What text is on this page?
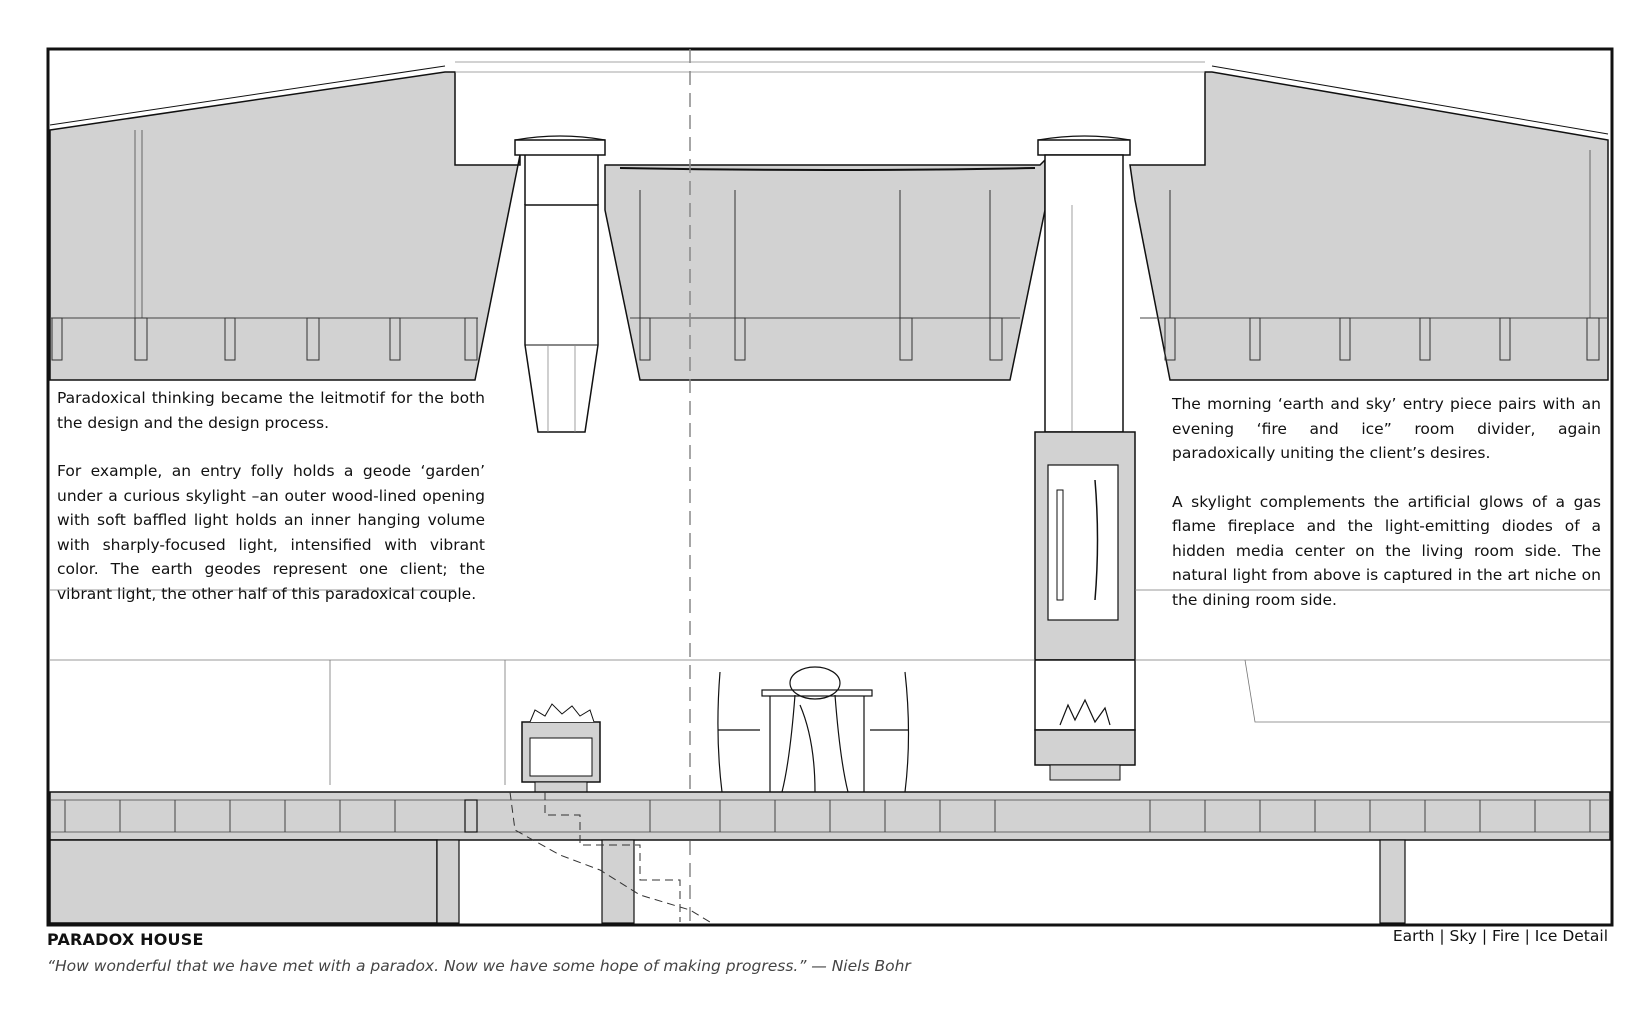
Paradoxical thinking became the leitmotif for the both the design and the design process.

For example, an entry folly holds a geode ‘garden’ under a curious skylight –an outer wood-lined opening with soft baffled light holds an inner hanging volume with sharply-focused light, intensified with vibrant color. The earth geodes represent one client; the vibrant light, the other half of this paradoxical couple.

The morning ‘earth and sky’ entry piece pairs with an evening ‘fire and ice” room divider, again paradoxically uniting the client’s desires.

A skylight complements the artificial glows of a gas flame fireplace and the light-emitting diodes of a hidden media center on the living room side. The natural light from above is captured in the art niche on the dining room side.

PARADOX HOUSE
“How wonderful that we have met with a paradox. Now we have some hope of making progress.” — Niels Bohr
Earth | Sky | Fire | Ice Detail
